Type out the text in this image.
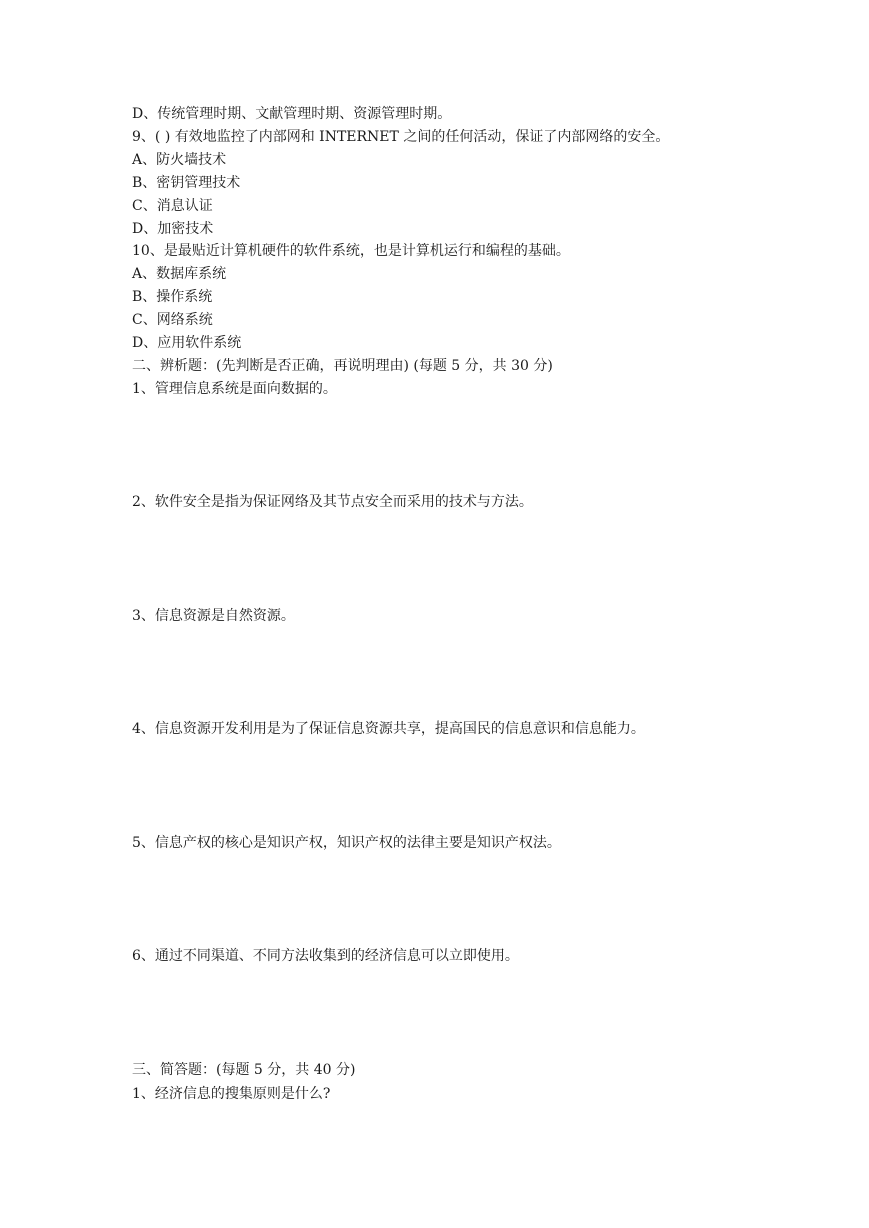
D、传统管理时期、文献管理时期、资源管理时期。
9、( ) 有效地监控了内部网和 INTERNET 之间的任何活动，保证了内部网络的安全。
A、防火墙技术
B、密钥管理技术
C、消息认证
D、加密技术
10、是最贴近计算机硬件的软件系统，也是计算机运行和编程的基础。
A、数据库系统
B、操作系统
C、网络系统
D、应用软件系统
二、辨析题：(先判断是否正确，再说明理由) (每题 5 分，共 30 分)
1、管理信息系统是面向数据的。
2、软件安全是指为保证网络及其节点安全而采用的技术与方法。
3、信息资源是自然资源。
4、信息资源开发利用是为了保证信息资源共享，提高国民的信息意识和信息能力。
5、信息产权的核心是知识产权，知识产权的法律主要是知识产权法。
6、通过不同渠道、不同方法收集到的经济信息可以立即使用。
三、简答题：(每题 5 分，共 40 分)
1、经济信息的搜集原则是什么?
